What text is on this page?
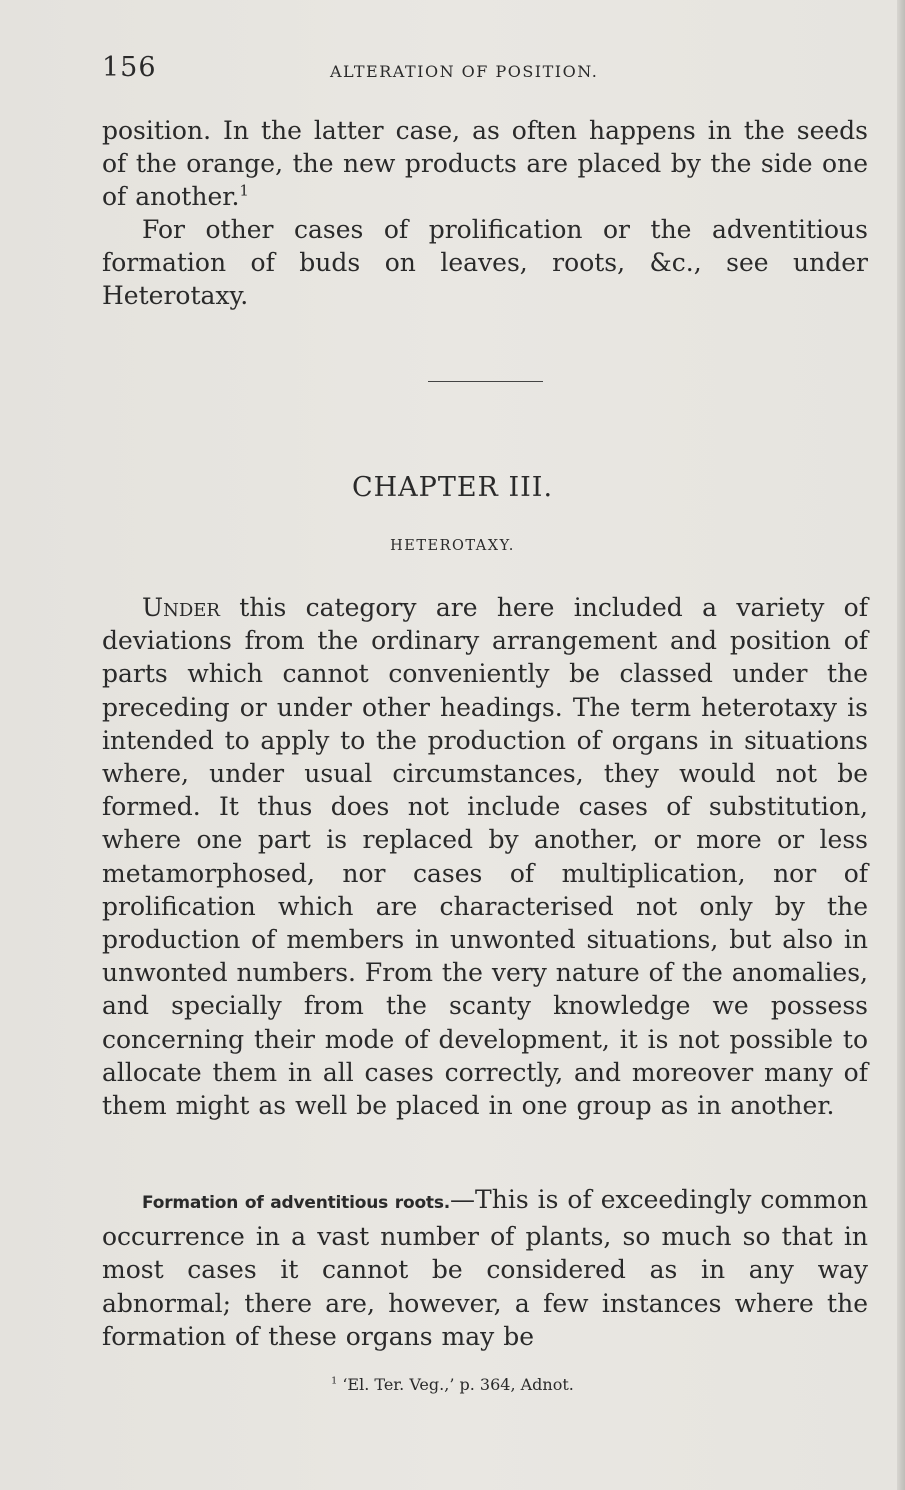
156	ALTERATION OF POSITION.

position. In the latter case, as often happens in the seeds of the orange, the new products are placed by the side one of another.$^1$

For other cases of prolification or the adventitious formation of buds on leaves, roots, &c., see under Heterotaxy.

CHAPTER III.
HETEROTAXY.

Under this category are here included a variety of deviations from the ordinary arrangement and position of parts which cannot conveniently be classed under the preceding or under other headings. The term heterotaxy is intended to apply to the production of organs in situations where, under usual circumstances, they would not be formed. It thus does not include cases of substitution, where one part is replaced by another, or more or less metamorphosed, nor cases of multiplication, nor of prolification which are characterised not only by the production of members in unwonted situations, but also in unwonted numbers. From the very nature of the anomalies, and specially from the scanty knowledge we possess concerning their mode of development, it is not possible to allocate them in all cases correctly, and moreover many of them might as well be placed in one group as in another.

Formation of adventitious roots.—This is of exceedingly common occurrence in a vast number of plants, so much so that in most cases it cannot be considered as in any way abnormal; there are, however, a few instances where the formation of these organs may be

$^1$ ‘El. Ter. Veg.,’ p. 364, Adnot.
